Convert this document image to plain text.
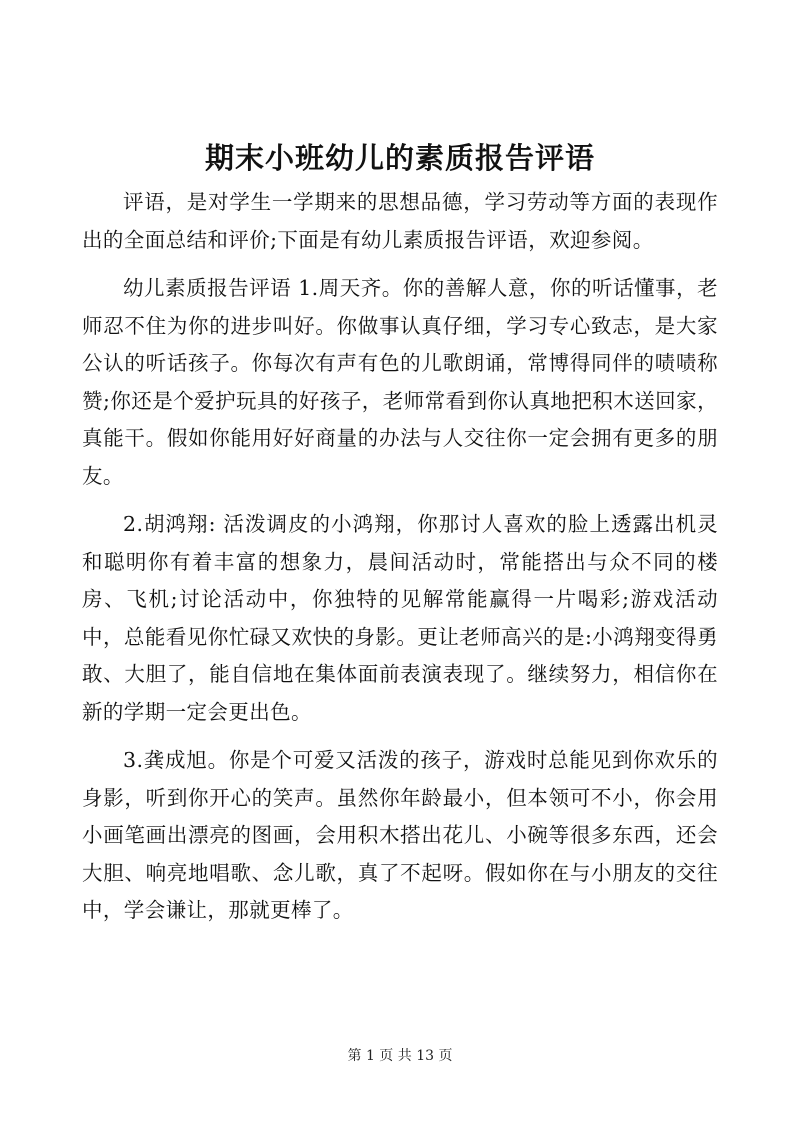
期末小班幼儿的素质报告评语

评语，是对学生一学期来的思想品德，学习劳动等方面的表现作出的全面总结和评价;下面是有幼儿素质报告评语，欢迎参阅。

幼儿素质报告评语 1.周天齐。你的善解人意，你的听话懂事，老师忍不住为你的进步叫好。你做事认真仔细，学习专心致志，是大家公认的听话孩子。你每次有声有色的儿歌朗诵，常博得同伴的啧啧称赞;你还是个爱护玩具的好孩子，老师常看到你认真地把积木送回家，真能干。假如你能用好好商量的办法与人交往你一定会拥有更多的朋友。

2.胡鸿翔: 活泼调皮的小鸿翔，你那讨人喜欢的脸上透露出机灵和聪明你有着丰富的想象力，晨间活动时，常能搭出与众不同的楼房、飞机;讨论活动中，你独特的见解常能赢得一片喝彩;游戏活动中，总能看见你忙碌又欢快的身影。更让老师高兴的是:小鸿翔变得勇敢、大胆了，能自信地在集体面前表演表现了。继续努力，相信你在新的学期一定会更出色。

3.龚成旭。你是个可爱又活泼的孩子，游戏时总能见到你欢乐的身影，听到你开心的笑声。虽然你年龄最小，但本领可不小，你会用小画笔画出漂亮的图画，会用积木搭出花儿、小碗等很多东西，还会大胆、响亮地唱歌、念儿歌，真了不起呀。假如你在与小朋友的交往中，学会谦让，那就更棒了。

第 1 页 共 13 页
